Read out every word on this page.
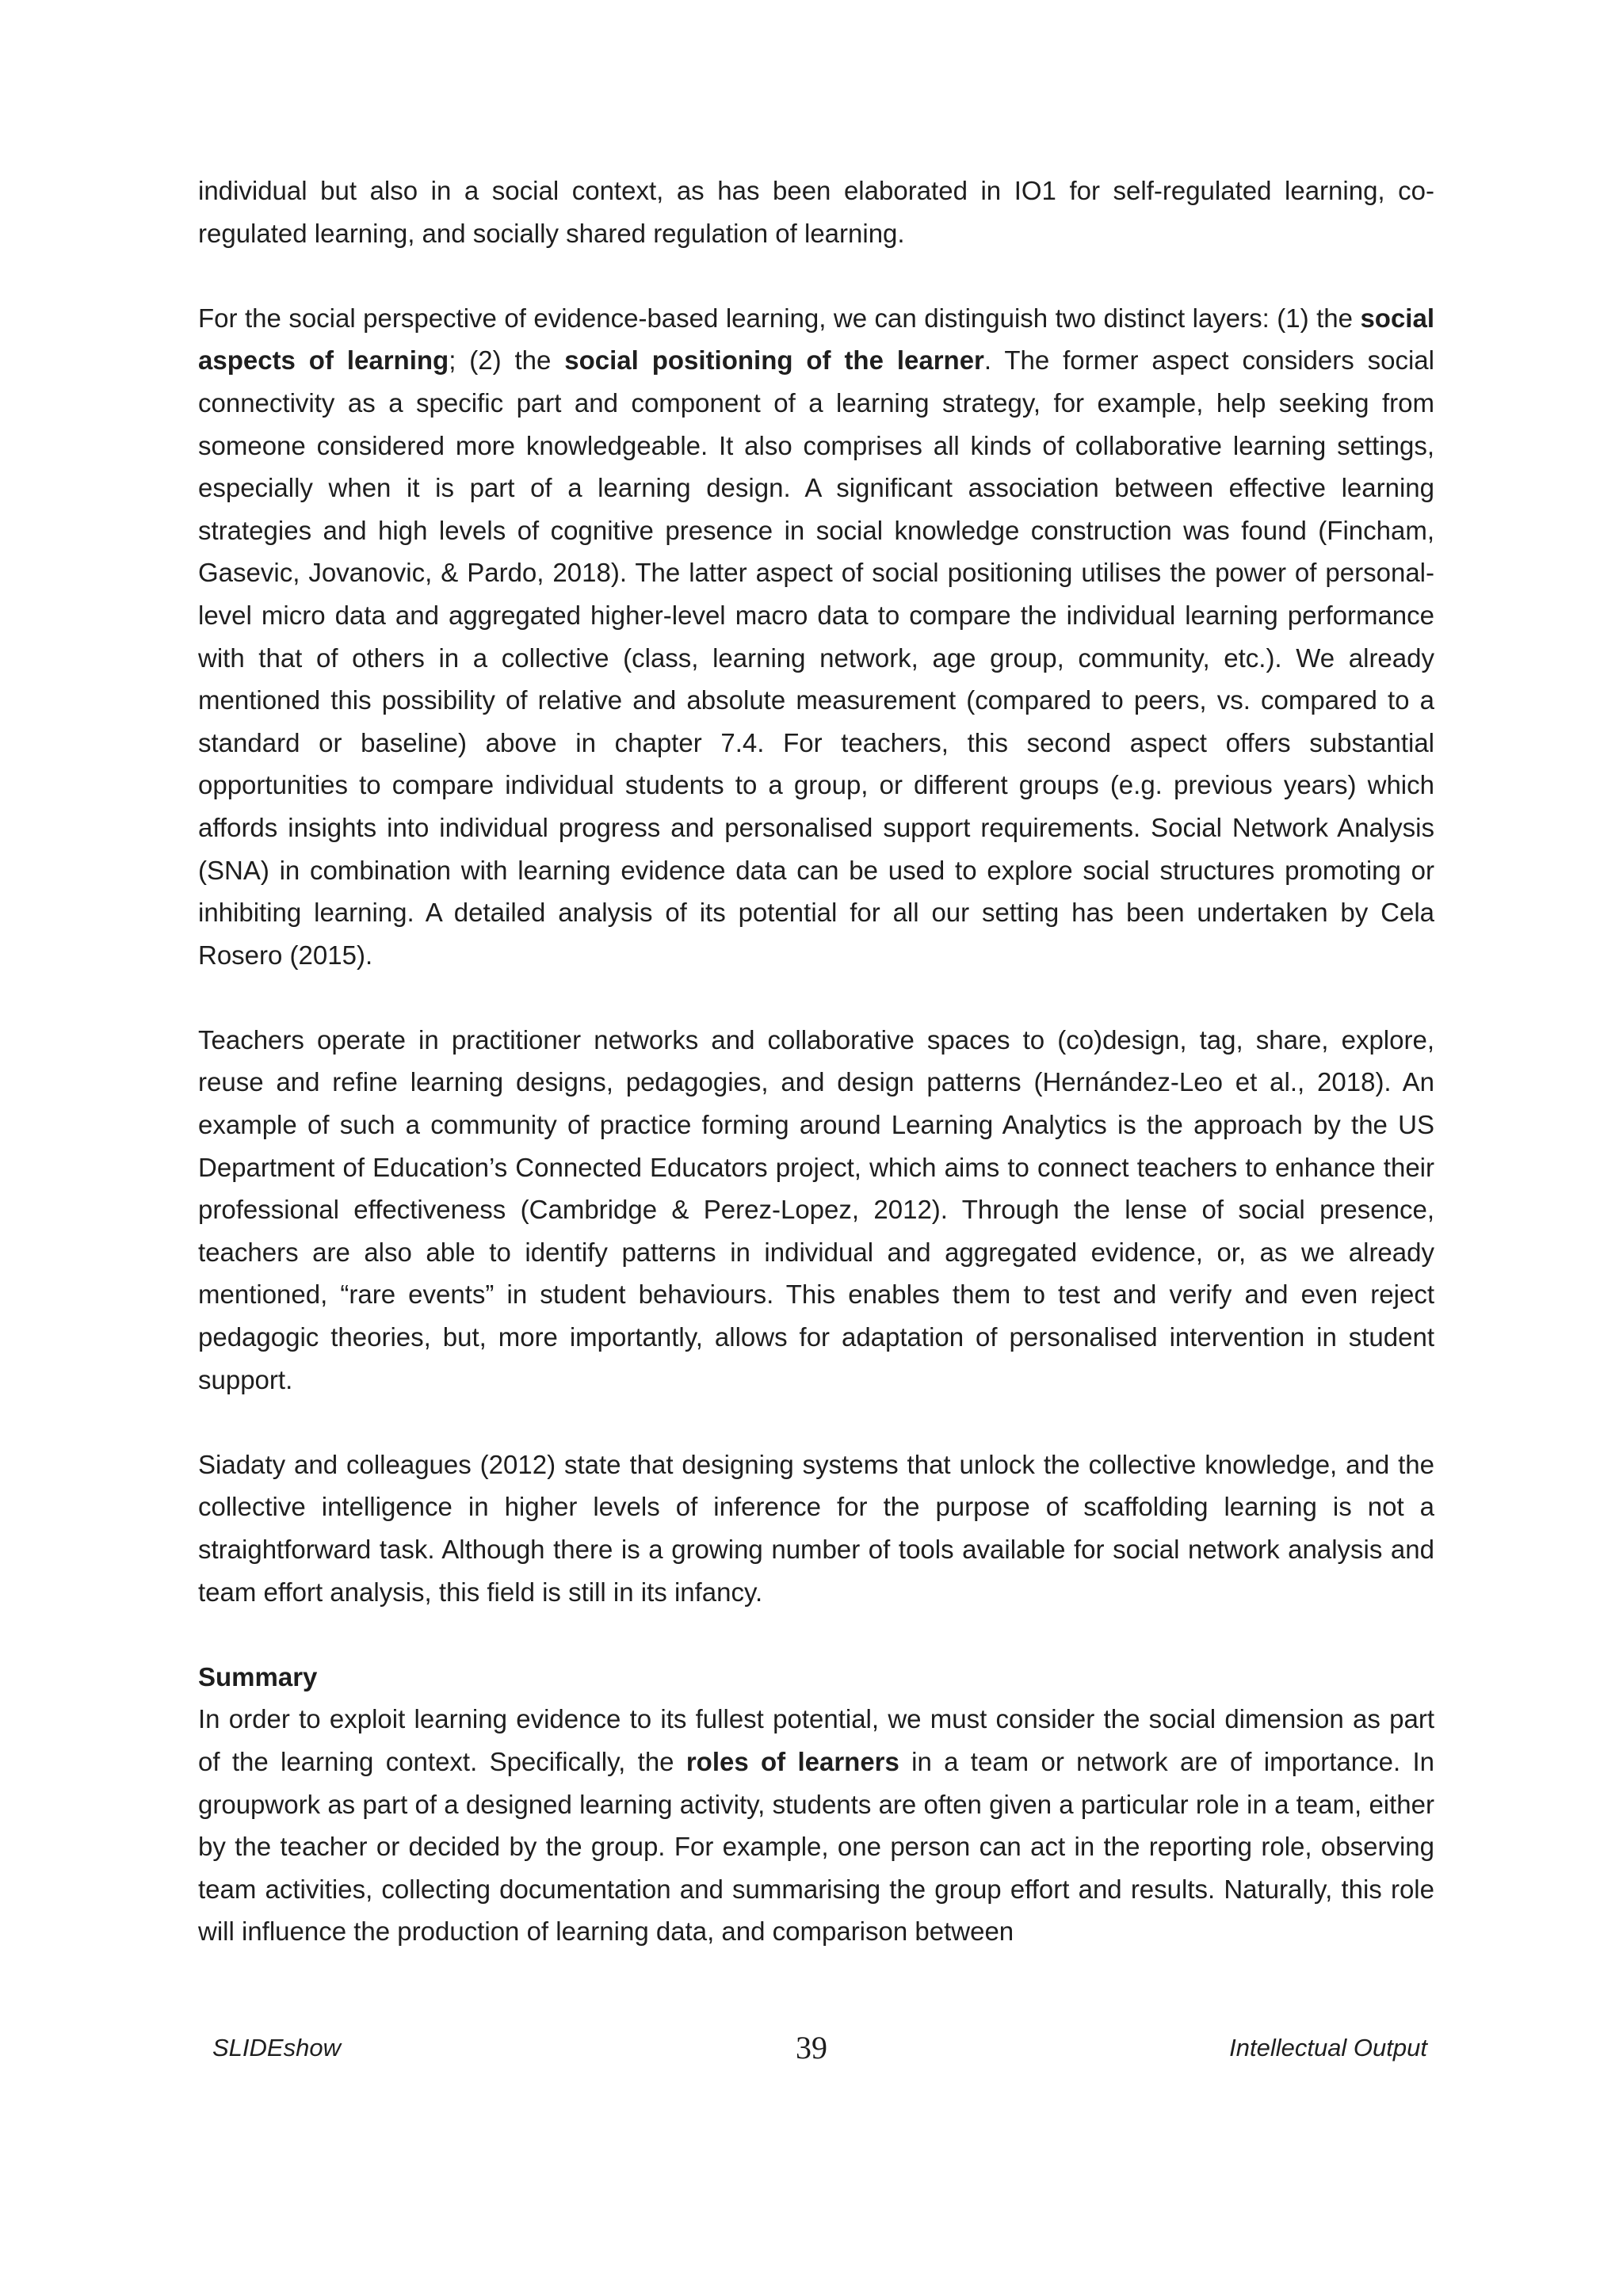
individual but also in a social context, as has been elaborated in IO1 for self-regulated learning, co-regulated learning, and socially shared regulation of learning.

For the social perspective of evidence-based learning, we can distinguish two distinct layers: (1) the social aspects of learning; (2) the social positioning of the learner. The former aspect considers social connectivity as a specific part and component of a learning strategy, for example, help seeking from someone considered more knowledgeable. It also comprises all kinds of collaborative learning settings, especially when it is part of a learning design. A significant association between effective learning strategies and high levels of cognitive presence in social knowledge construction was found (Fincham, Gasevic, Jovanovic, & Pardo, 2018). The latter aspect of social positioning utilises the power of personal-level micro data and aggregated higher-level macro data to compare the individual learning performance with that of others in a collective (class, learning network, age group, community, etc.). We already mentioned this possibility of relative and absolute measurement (compared to peers, vs. compared to a standard or baseline) above in chapter 7.4. For teachers, this second aspect offers substantial opportunities to compare individual students to a group, or different groups (e.g. previous years) which affords insights into individual progress and personalised support requirements. Social Network Analysis (SNA) in combination with learning evidence data can be used to explore social structures promoting or inhibiting learning. A detailed analysis of its potential for all our setting has been undertaken by Cela Rosero (2015).

Teachers operate in practitioner networks and collaborative spaces to (co)design, tag, share, explore, reuse and refine learning designs, pedagogies, and design patterns (Hernández-Leo et al., 2018). An example of such a community of practice forming around Learning Analytics is the approach by the US Department of Education’s Connected Educators project, which aims to connect teachers to enhance their professional effectiveness (Cambridge & Perez-Lopez, 2012). Through the lense of social presence, teachers are also able to identify patterns in individual and aggregated evidence, or, as we already mentioned, “rare events” in student behaviours. This enables them to test and verify and even reject pedagogic theories, but, more importantly, allows for adaptation of personalised intervention in student support.

Siadaty and colleagues (2012) state that designing systems that unlock the collective knowledge, and the collective intelligence in higher levels of inference for the purpose of scaffolding learning is not a straightforward task. Although there is a growing number of tools available for social network analysis and team effort analysis, this field is still in its infancy.

Summary

In order to exploit learning evidence to its fullest potential, we must consider the social dimension as part of the learning context. Specifically, the roles of learners in a team or network are of importance. In groupwork as part of a designed learning activity, students are often given a particular role in a team, either by the teacher or decided by the group. For example, one person can act in the reporting role, observing team activities, collecting documentation and summarising the group effort and results. Naturally, this role will influence the production of learning data, and comparison between

SLIDEshow	39	Intellectual Output
